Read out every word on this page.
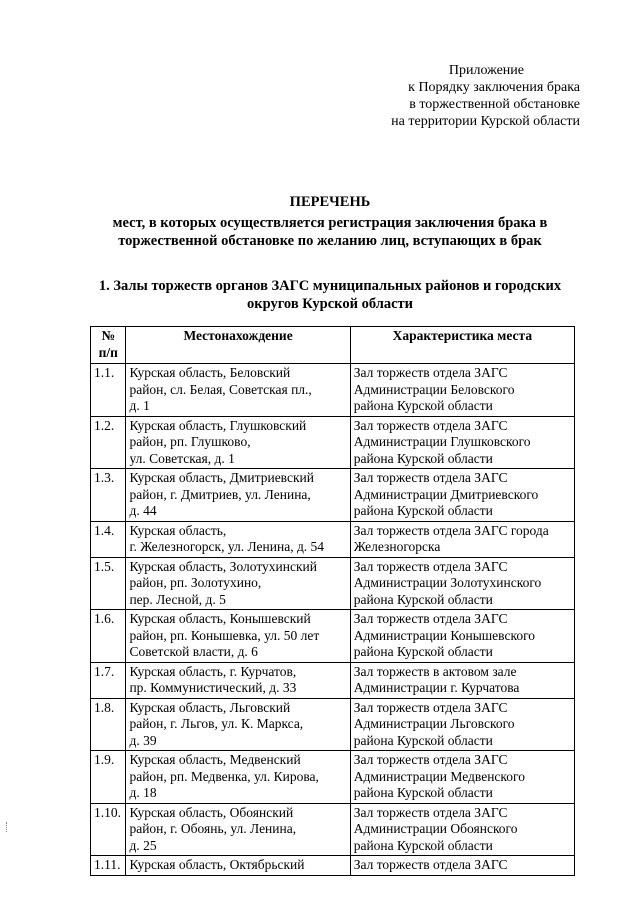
Приложение
к Порядку заключения брака
в торжественной обстановке
на территории Курской области
ПЕРЕЧЕНЬ
мест, в которых осуществляется регистрация заключения брака в
торжественной обстановке по желанию лиц, вступающих в брак
1. Залы торжеств органов ЗАГС муниципальных районов и городских
округов Курской области
№
п/п	Местонахождение	Характеристика места
1.1.	Курская область, Беловский
район, сл. Белая, Советская пл.,
д. 1	Зал торжеств отдела ЗАГС
Администрации Беловского
района Курской области

1.2.	Курская область, Глушковский
район, рп. Глушково,
ул. Советская, д. 1	Зал торжеств отдела ЗАГС
Администрации Глушковского
района Курской области

1.3.	Курская область, Дмитриевский
район, г. Дмитриев, ул. Ленина,
д. 44	Зал торжеств отдела ЗАГС
Администрации Дмитриевского
района Курской области

1.4.	Курская область,
г. Железногорск, ул. Ленина, д. 54	Зал торжеств отдела ЗАГС города
Железногорска

1.5.	Курская область, Золотухинский
район, рп. Золотухино,
пер. Лесной, д. 5	Зал торжеств отдела ЗАГС
Администрации Золотухинского
района Курской области

1.6.	Курская область, Конышевский
район, рп. Конышевка, ул. 50 лет
Советской власти, д. 6	Зал торжеств отдела ЗАГС
Администрации Конышевского
района Курской области

1.7.	Курская область, г. Курчатов,
пр. Коммунистический, д. 33	Зал торжеств в актовом зале
Администрации г. Курчатова

1.8.	Курская область, Льговский
район, г. Льгов, ул. К. Маркса,
д. 39	Зал торжеств отдела ЗАГС
Администрации Льговского
района Курской области

1.9.	Курская область, Медвенский
район, рп. Медвенка, ул. Кирова,
д. 18	Зал торжеств отдела ЗАГС
Администрации Медвенского
района Курской области

1.10.	Курская область, Обоянский
район, г. Обоянь, ул. Ленина,
д. 25	Зал торжеств отдела ЗАГС
Администрации Обоянского
района Курской области

1.11.	Курская область, Октябрьский	Зал торжеств отдела ЗАГС
